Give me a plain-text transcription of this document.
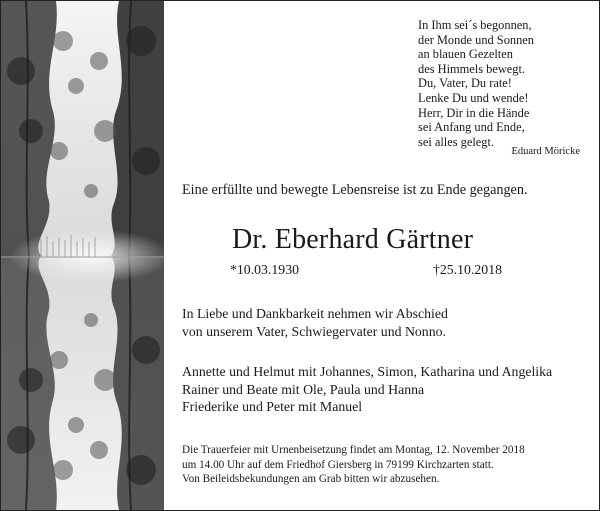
In Ihm sei´s begonnen,
der Monde und Sonnen
an blauen Gezelten
des Himmels bewegt.
Du, Vater, Du rate!
Lenke Du und wende!
Herr, Dir in die Hände
sei Anfang und Ende,
sei alles gelegt.
Eduard Möricke
Eine erfüllte und bewegte Lebensreise ist zu Ende gegangen.
Dr. Eberhard Gärtner
*10.03.1930	†25.10.2018
In Liebe und Dankbarkeit nehmen wir Abschied
von unserem Vater, Schwiegervater und Nonno.
Annette und Helmut mit Johannes, Simon, Katharina und Angelika
Rainer und Beate mit Ole, Paula und Hanna
Friederike und Peter mit Manuel
Die Trauerfeier mit Urnenbeisetzung findet am Montag, 12. November 2018
um 14.00 Uhr auf dem Friedhof Giersberg in 79199 Kirchzarten statt.
Von Beileidsbekundungen am Grab bitten wir abzusehen.
